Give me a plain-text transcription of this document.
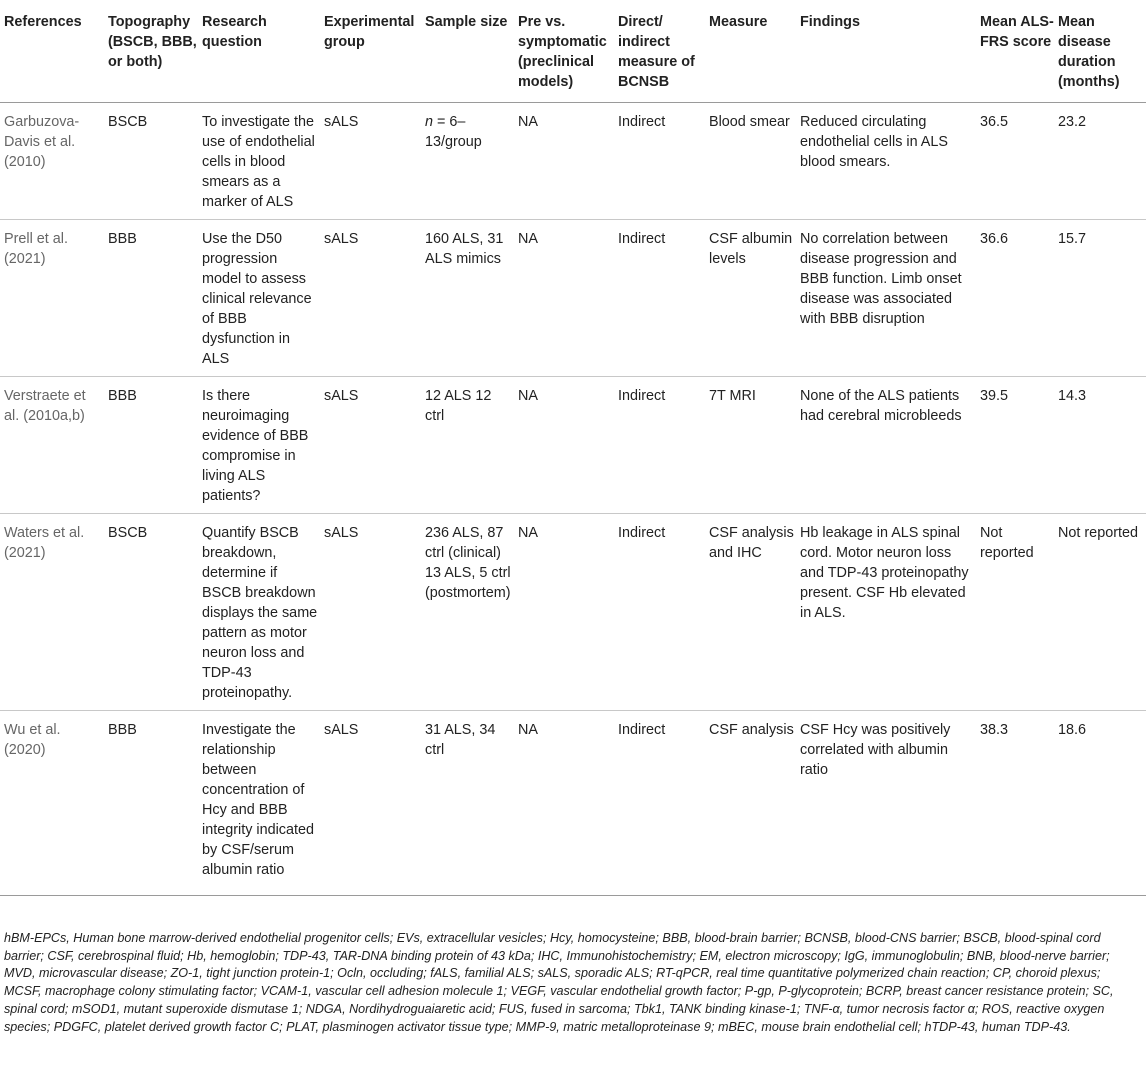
References	Topography (BSCB, BBB, or both)	Research question	Experimental group	Sample size	Pre vs. symptomatic (preclinical models)	Direct/ indirect measure of BCNSB	Measure	Findings	Mean ALS-FRS score	Mean disease duration (months)
Garbuzova-Davis et al. (2010)	BSCB	To investigate the use of endothelial cells in blood smears as a marker of ALS	sALS	n = 6–13/group	NA	Indirect	Blood smear	Reduced circulating endothelial cells in ALS blood smears.	36.5	23.2
Prell et al. (2021)	BBB	Use the D50 progression model to assess clinical relevance of BBB dysfunction in ALS	sALS	160 ALS, 31 ALS mimics	NA	Indirect	CSF albumin levels	No correlation between disease progression and BBB function. Limb onset disease was associated with BBB disruption	36.6	15.7
Verstraete et al. (2010a,b)	BBB	Is there neuroimaging evidence of BBB compromise in living ALS patients?	sALS	12 ALS 12 ctrl	NA	Indirect	7T MRI	None of the ALS patients had cerebral microbleeds	39.5	14.3
Waters et al. (2021)	BSCB	Quantify BSCB breakdown, determine if BSCB breakdown displays the same pattern as motor neuron loss and TDP-43 proteinopathy.	sALS	236 ALS, 87 ctrl (clinical) 13 ALS, 5 ctrl (postmortem)	NA	Indirect	CSF analysis and IHC	Hb leakage in ALS spinal cord. Motor neuron loss and TDP-43 proteinopathy present. CSF Hb elevated in ALS.	Not reported	Not reported
Wu et al. (2020)	BBB	Investigate the relationship between concentration of Hcy and BBB integrity indicated by CSF/serum albumin ratio	sALS	31 ALS, 34 ctrl	NA	Indirect	CSF analysis	CSF Hcy was positively correlated with albumin ratio	38.3	18.6
hBM-EPCs, Human bone marrow-derived endothelial progenitor cells; EVs, extracellular vesicles; Hcy, homocysteine; BBB, blood-brain barrier; BCNSB, blood-CNS barrier; BSCB, blood-spinal cord barrier; CSF, cerebrospinal fluid; Hb, hemoglobin; TDP-43, TAR-DNA binding protein of 43 kDa; IHC, Immunohistochemistry; EM, electron microscopy; IgG, immunoglobulin; BNB, blood-nerve barrier; MVD, microvascular disease; ZO-1, tight junction protein-1; Ocln, occluding; fALS, familial ALS; sALS, sporadic ALS; RT-qPCR, real time quantitative polymerized chain reaction; CP, choroid plexus; MCSF, macrophage colony stimulating factor; VCAM-1, vascular cell adhesion molecule 1; VEGF, vascular endothelial growth factor; P-gp, P-glycoprotein; BCRP, breast cancer resistance protein; SC, spinal cord; mSOD1, mutant superoxide dismutase 1; NDGA, Nordihydroguaiaretic acid; FUS, fused in sarcoma; Tbk1, TANK binding kinase-1; TNF-α, tumor necrosis factor α; ROS, reactive oxygen species; PDGFC, platelet derived growth factor C; PLAT, plasminogen activator tissue type; MMP-9, matric metalloproteinase 9; mBEC, mouse brain endothelial cell; hTDP-43, human TDP-43.
